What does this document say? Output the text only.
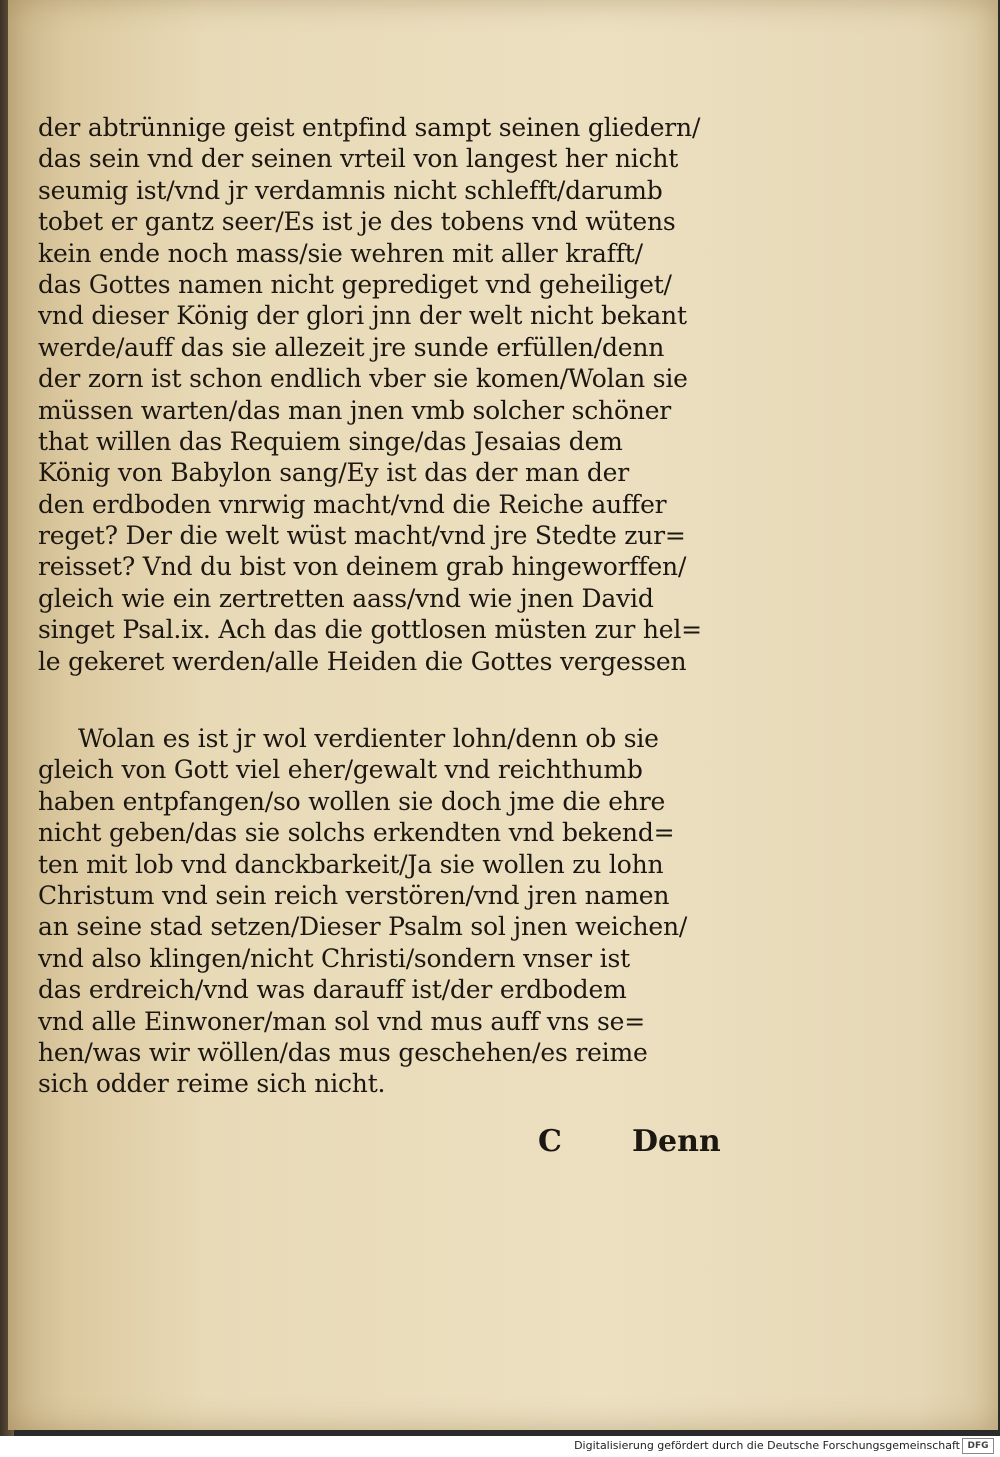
der abtrünnige geist entpfind sampt seinen gliedern/
das sein vnd der seinen vrteil von langest her nicht
seumig ist/vnd jr verdamnis nicht schlefft/darumb
tobet er gantz seer/Es ist je des tobens vnd wütens
kein ende noch mass/sie wehren mit aller krafft/
das Gottes namen nicht geprediget vnd geheiliget/
vnd dieser König der glori jnn der welt nicht bekant
werde/auff das sie allezeit jre sunde erfüllen/denn
der zorn ist schon endlich vber sie komen/Wolan sie
müssen warten/das man jnen vmb solcher schöner
that willen das Requiem singe/das Jesaias dem
König von Babylon sang/Ey ist das der man der
den erdboden vnrwig macht/vnd die Reiche auffer
reget? Der die welt wüst macht/vnd jre Stedte zur=
reisset? Vnd du bist von deinem grab hingeworffen/
gleich wie ein zertretten aass/vnd wie jnen David
singet Psal.ix. Ach das die gottlosen müsten zur hel=
le gekeret werden/alle Heiden die Gottes vergessen
Wolan es ist jr wol verdienter lohn/denn ob sie
gleich von Gott viel eher/gewalt vnd reichthumb
haben entpfangen/so wollen sie doch jme die ehre
nicht geben/das sie solchs erkendten vnd bekend=
ten mit lob vnd danckbarkeit/Ja sie wollen zu lohn
Christum vnd sein reich verstören/vnd jren namen
an seine stad setzen/Dieser Psalm sol jnen weichen/
vnd also klingen/nicht Christi/sondern vnser ist
das erdreich/vnd was darauff ist/der erdbodem
vnd alle Einwoner/man sol vnd mus auff vns se=
hen/was wir wöllen/das mus geschehen/es reime
sich odder reime sich nicht.
C Denn
Digitalisierung gefördert durch die Deutsche Forschungsgemeinschaft DFG
